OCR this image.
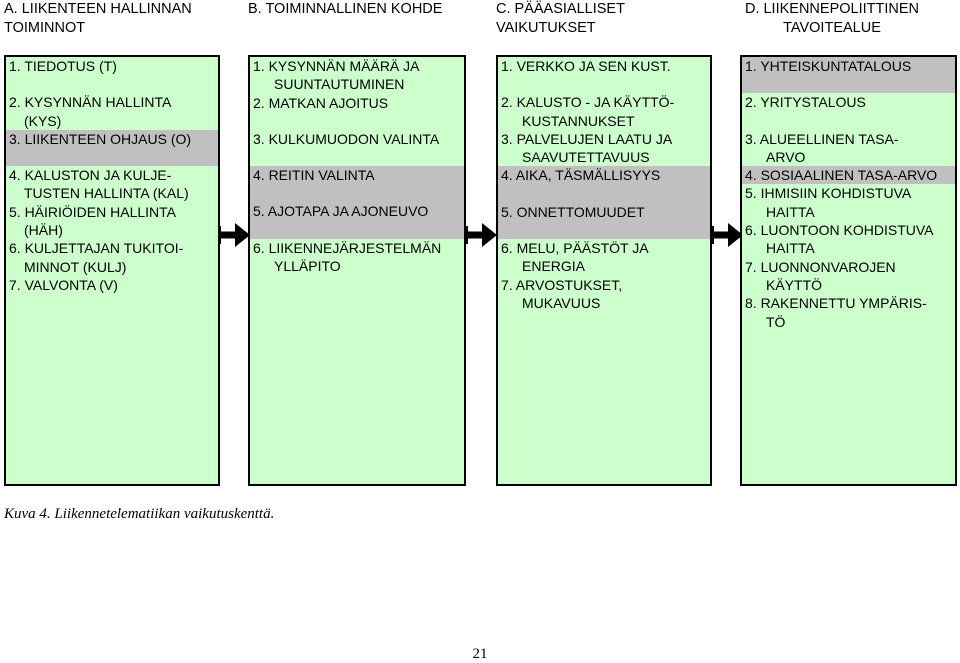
Kuva 4. Liikennetelematiikan vaikutuskenttä.
21
A. LIIKENTEEN HALLINNAN
TOIMINNOT
1. TIEDOTUS (T)
2. KYSYNNÄN HALLINTA
(KYS)
3. LIIKENTEEN OHJAUS (O)
4. KALUSTON JA KULJE-
TUSTEN HALLINTA (KAL)
5. HÄIRIÖIDEN HALLINTA
(HÄH)
6. KULJETTAJAN TUKITOI-
MINNOT (KULJ)
7. VALVONTA (V)
B. TOIMINNALLINEN KOHDE
1. KYSYNNÄN MÄÄRÄ JA
SUUNTAUTUMINEN
2. MATKAN AJOITUS
3. KULKUMUODON VALINTA
4. REITIN VALINTA
5. AJOTAPA JA AJONEUVO
6. LIIKENNEJÄRJESTELMÄN
YLLÄPITO
C. PÄÄASIALLISET
VAIKUTUKSET
1. VERKKO JA SEN KUST.
2. KALUSTO - JA KÄYTTÖ-
KUSTANNUKSET
3. PALVELUJEN LAATU JA
SAAVUTETTAVUUS
4. AIKA, TÄSMÄLLISYYS
5. ONNETTOMUUDET
6. MELU, PÄÄSTÖT JA
ENERGIA
7. ARVOSTUKSET,
MUKAVUUS
D. LIIKENNEPOLIITTINEN
TAVOITEALUE
1. YHTEISKUNTATALOUS
2. YRITYSTALOUS
3. ALUEELLINEN TASA-
ARVO
4. SOSIAALINEN TASA-ARVO
5. IHMISIIN KOHDISTUVA
HAITTA
6. LUONTOON KOHDISTUVA
HAITTA
7. LUONNONVAROJEN
KÄYTTÖ
8. RAKENNETTU YMPÄRIS-
TÖ
